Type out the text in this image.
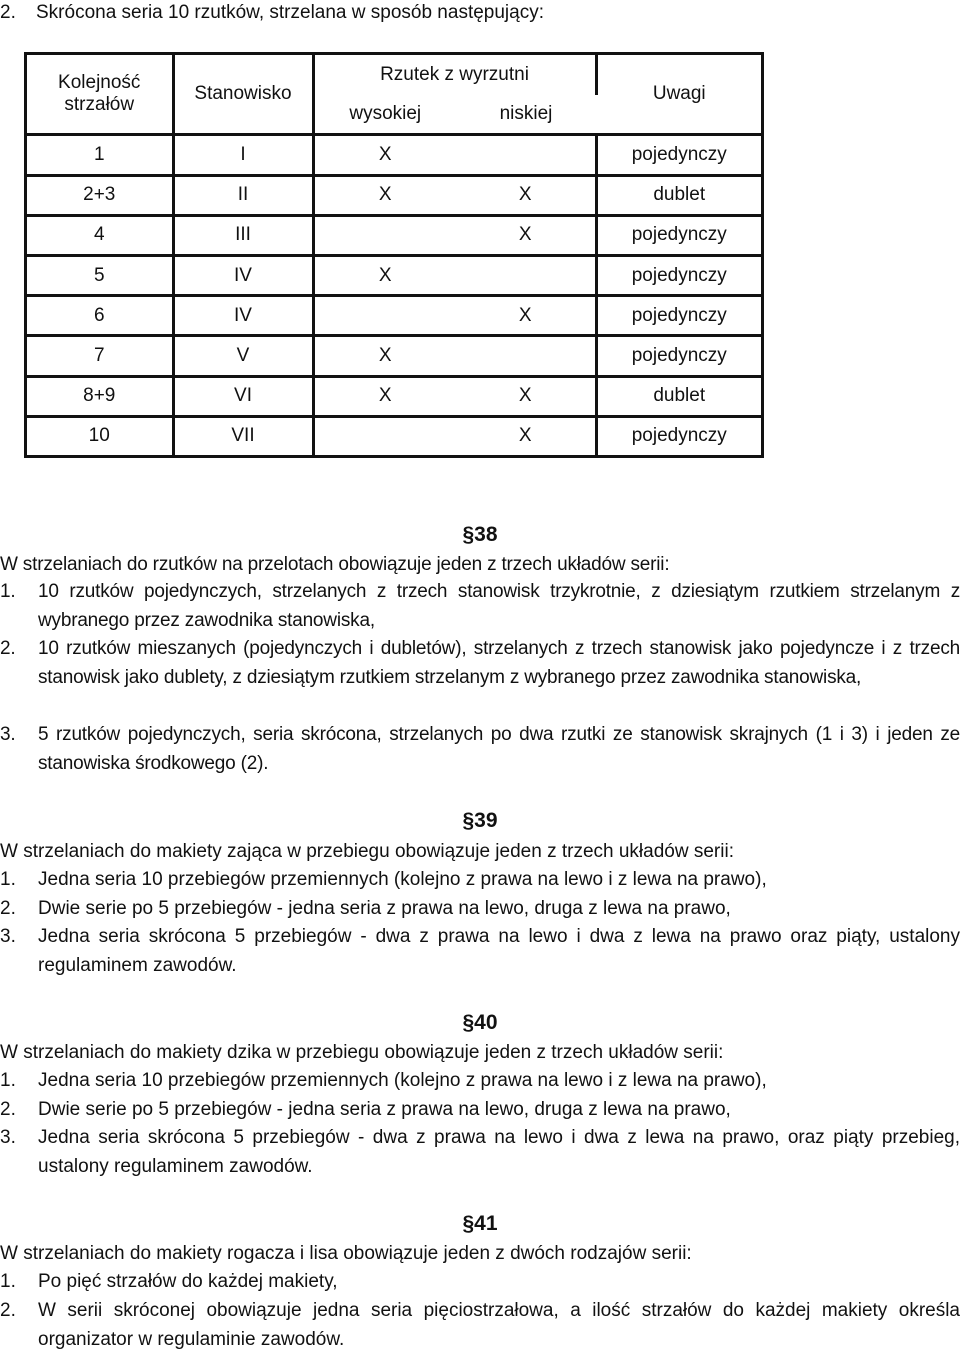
2. Skrócona seria 10 rzutków, strzelana w sposób następujący:
Kolejność strzałów	Stanowisko	Rzutek z wyrzutni		Uwagi
		wysokiej	niskiej	
1	I	X		pojedynczy
2+3	II	X	X	dublet
4	III		X	pojedynczy
5	IV	X		pojedynczy
6	IV		X	pojedynczy
7	V	X		pojedynczy
8+9	VI	X	X	dublet
10	VII		X	pojedynczy
§38
W strzelaniach do rzutków na przelotach obowiązuje jeden z trzech układów serii:
1. 10 rzutków pojedynczych, strzelanych z trzech stanowisk trzykrotnie, z dziesiątym rzutkiem strzelanym z wybranego przez zawodnika stanowiska,
2. 10 rzutków mieszanych (pojedynczych i dubletów), strzelanych z trzech stanowisk jako pojedyncze i z trzech stanowisk jako dublety, z dziesiątym rzutkiem strzelanym z wybranego przez zawodnika stanowiska,
3. 5 rzutków pojedynczych, seria skrócona, strzelanych po dwa rzutki ze stanowisk skrajnych (1 i 3) i jeden ze stanowiska środkowego (2).
§39
W strzelaniach do makiety zająca w przebiegu obowiązuje jeden z trzech układów serii:
1. Jedna seria 10 przebiegów przemiennych (kolejno z prawa na lewo i z lewa na prawo),
2. Dwie serie po 5 przebiegów - jedna seria z prawa na lewo, druga z lewa na prawo,
3. Jedna seria skrócona 5 przebiegów - dwa z prawa na lewo i dwa z lewa na prawo oraz piąty, ustalony regulaminem zawodów.
§40
W strzelaniach do makiety dzika w przebiegu obowiązuje jeden z trzech układów serii:
1. Jedna seria 10 przebiegów przemiennych (kolejno z prawa na lewo i z lewa na prawo),
2. Dwie serie po 5 przebiegów - jedna seria z prawa na lewo, druga z lewa na prawo,
3. Jedna seria skrócona 5 przebiegów - dwa z prawa na lewo i dwa z lewa na prawo, oraz piąty przebieg, ustalony regulaminem zawodów.
§41
W strzelaniach do makiety rogacza i lisa obowiązuje jeden z dwóch rodzajów serii:
1. Po pięć strzałów do każdej makiety,
2. W serii skróconej obowiązuje jedna seria pięciostrzałowa, a ilość strzałów do każdej makiety określa organizator w regulaminie zawodów.
